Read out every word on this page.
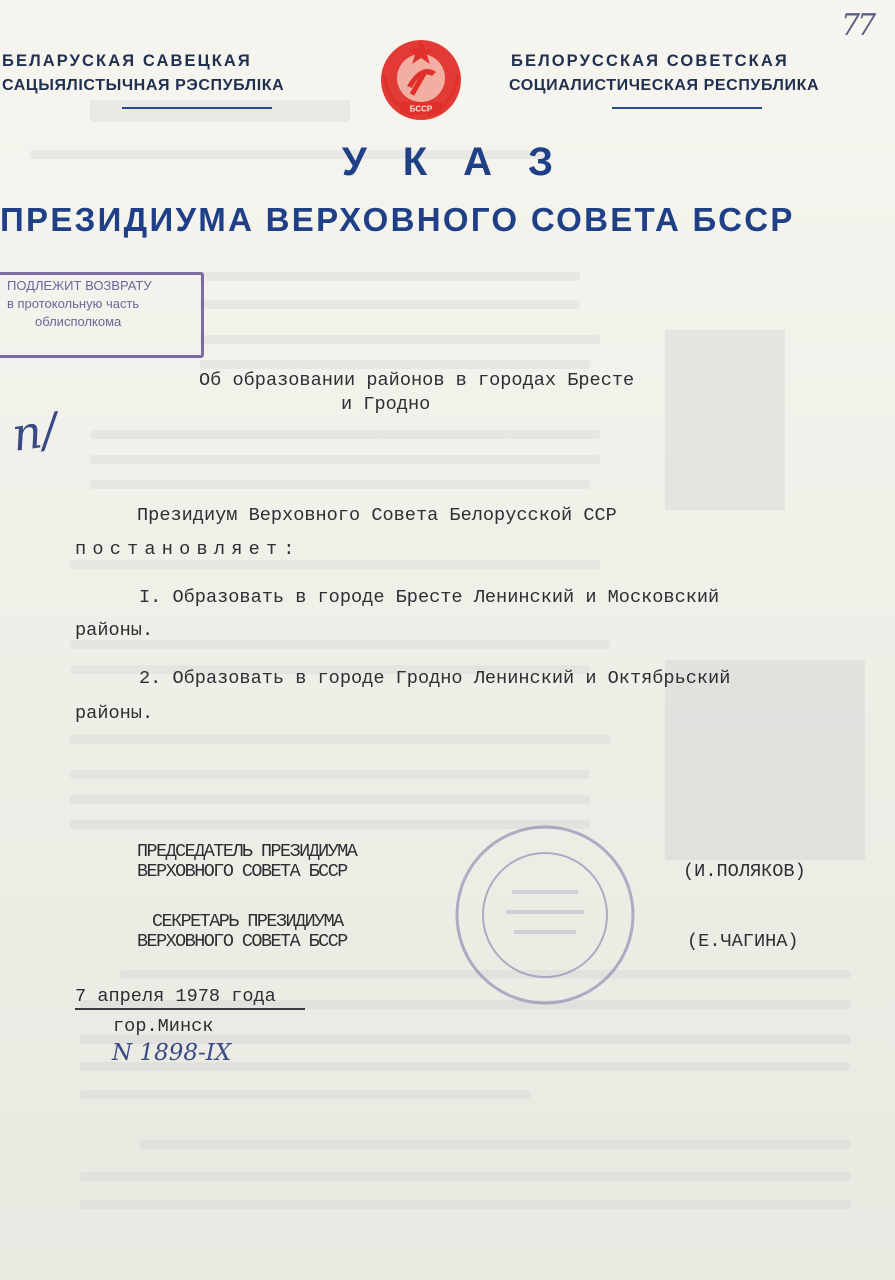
77
БЕЛАРУСКАЯ САВЕЦКАЯ
САЦЫЯЛІСТЫЧНАЯ РЭСПУБЛІКА
БЕЛОРУССКАЯ СОВЕТСКАЯ
СОЦИАЛИСТИЧЕСКАЯ РЕСПУБЛИКА
БССР
УКАЗ
ПРЕЗИДИУМА ВЕРХОВНОГО СОВЕТА БССР
ПОДЛЕЖИТ ВОЗВРАТУ
в протокольную часть
облисполкома
п/
Об образовании районов в городах Бресте
и Гродно
Президиум Верховного Совета Белорусской ССР
постановляет:
I. Образовать в городе Бресте Ленинский и Московский
районы.
2. Образовать в городе Гродно Ленинский и Октябрьский
районы.
ПРЕДСЕДАТЕЛЬ ПРЕЗИДИУМА
ВЕРХОВНОГО СОВЕТА БССР	(И.ПОЛЯКОВ)
СЕКРЕТАРЬ ПРЕЗИДИУМА
ВЕРХОВНОГО СОВЕТА БССР	(Е.ЧАГИНА)
7 апреля 1978 года
гор.Минск
N 1898-IX
